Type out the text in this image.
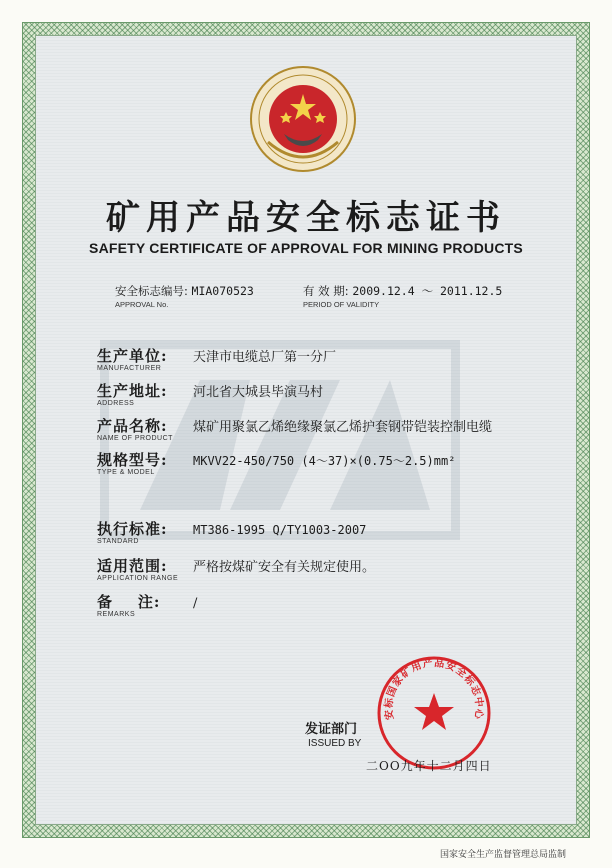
矿用产品安全标志证书
SAFETY CERTIFICATE OF APPROVAL FOR MINING PRODUCTS
安全标志编号: MIA070523
APPROVAL No.
有 效 期: 2009.12.4 ～ 2011.12.5
PERIOD OF VALIDITY
生产单位: 天津市电缆总厂第一分厂
MANUFACTURER
生产地址: 河北省大城县毕演马村
ADDRESS
产品名称: 煤矿用聚氯乙烯绝缘聚氯乙烯护套钢带铠装控制电缆
NAME OF PRODUCT
规格型号: MKVV22-450/750 (4～37)×(0.75～2.5)mm²
TYPE & MODEL
执行标准: MT386-1995 Q/TY1003-2007
STANDARD
适用范围: 严格按煤矿安全有关规定使用。
APPLICATION RANGE
备    注:	/
REMARKS
安标国家矿用产品安全标志中心
发证部门
ISSUED BY
二OO九年十二月四日
国家安全生产监督管理总局监制
